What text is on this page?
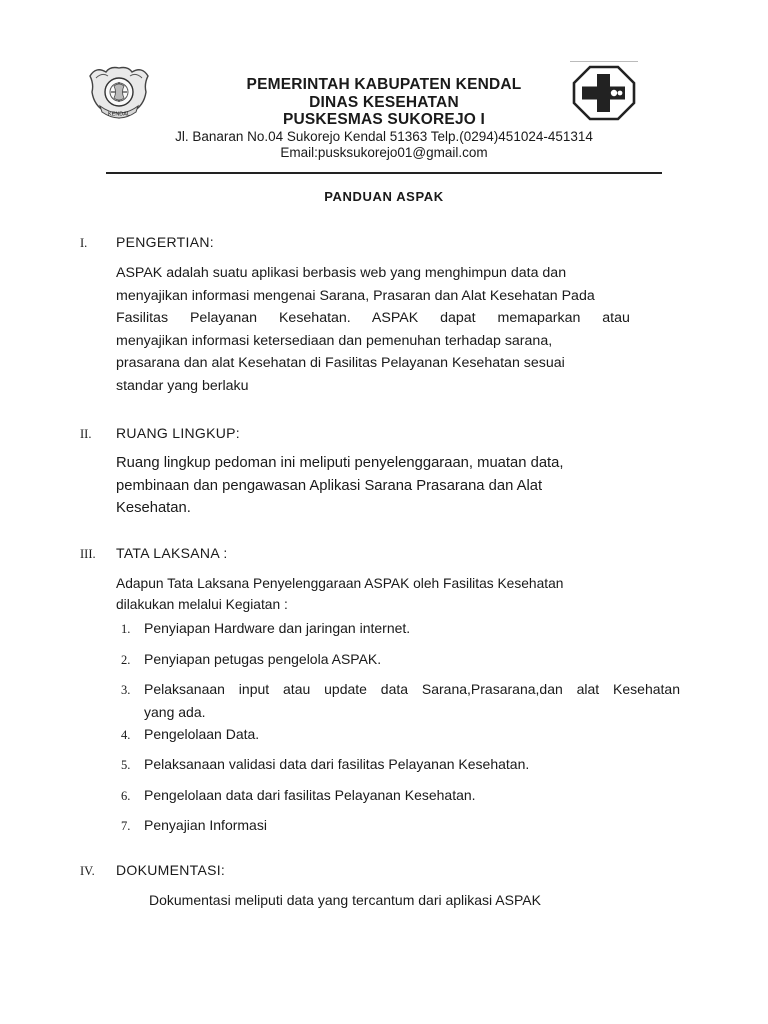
KENDAL
PEMERINTAH KABUPATEN KENDAL
DINAS KESEHATAN
PUSKESMAS SUKOREJO I
Jl. Banaran No.04 Sukorejo Kendal 51363 Telp.(0294)451024-451314
Email:pusksukorejo01@gmail.com
PANDUAN ASPAK
I. PENGERTIAN:
ASPAK adalah suatu aplikasi berbasis web yang menghimpun data dan
menyajikan informasi mengenai Sarana, Prasaran dan Alat Kesehatan Pada
Fasilitas Pelayanan Kesehatan. ASPAK dapat memaparkan atau
menyajikan informasi ketersediaan dan pemenuhan terhadap sarana,
prasarana dan alat Kesehatan di Fasilitas Pelayanan Kesehatan sesuai
standar yang berlaku
II. RUANG LINGKUP:
Ruang lingkup pedoman ini meliputi penyelenggaraan, muatan data,
pembinaan dan pengawasan Aplikasi Sarana Prasarana dan Alat
Kesehatan.
III. TATA LAKSANA :
Adapun Tata Laksana Penyelenggaraan ASPAK oleh Fasilitas Kesehatan
dilakukan melalui Kegiatan :
1. Penyiapan Hardware dan jaringan internet.
2. Penyiapan petugas pengelola ASPAK.
3. Pelaksanaan input atau update data Sarana,Prasarana,dan alat Kesehatan
yang ada.
4. Pengelolaan Data.
5. Pelaksanaan validasi data dari fasilitas Pelayanan Kesehatan.
6. Pengelolaan data dari fasilitas Pelayanan Kesehatan.
7. Penyajian Informasi
IV. DOKUMENTASI:
Dokumentasi meliputi data yang tercantum dari aplikasi ASPAK
